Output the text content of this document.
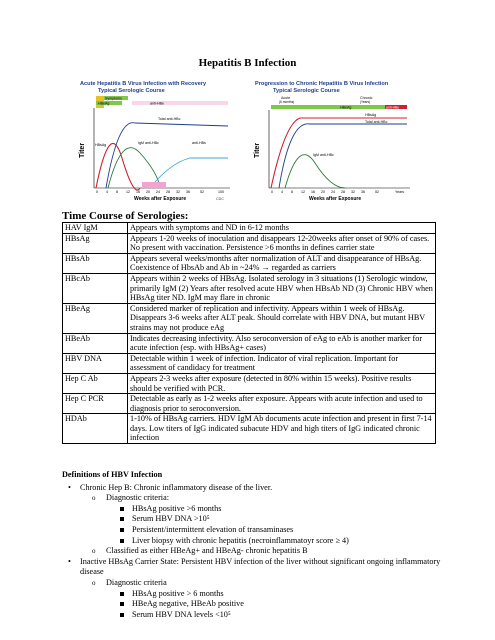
Hepatitis B Infection
Acute Hepatitis B Virus Infection with Recovery
Typical Serologic Course
Titer
Symptoms
HBeAg	anti-HBe
HBsAg	IgM anti-HBc
Total anti-HBc
anti-HBs
0 4 8 12 16 20 24 28 32 36	52	100
Weeks after Exposure	CDC
Progression to Chronic Hepatitis B Virus Infection
Typical Serologic Course
Titer
Acute
(6 months)
Chronic
(Years)
HBeAg	anti-HBe
HBsAg
Total anti-HBc
IgM anti-HBc
0 4 8 12 16 20 24 28 32 36	52	Years
Weeks after Exposure
Time Course of Serologies:
HAV IgM	Appears with symptoms and ND in 6-12 months
HBsAg	Appears 1-20 weeks of inoculation and disappears 12-20weeks after onset of 90% of cases. No present with vaccination. Persistence >6 months in defines carrier state
HBsAb	Appears several weeks/months after normalization of ALT and disappearance of HBsAg. Coexistence of HbsAb and Ab in ~24% → regarded as carriers
HBcAb	Appears within 2 weeks of HBsAg. Isolated serology in 3 situations (1) Serologic window, primarily IgM (2) Years after resolved acute HBV when HBsAb ND (3) Chronic HBV when HBsAg titer ND. IgM may flare in chronic
HBeAg	Considered marker of replication and infectivity. Appears within 1 week of HBsAg. Disappears 3-6 weeks after ALT peak. Should correlate with HBV DNA, but mutant HBV strains may not produce eAg
HBeAb	Indicates decreasing infectivity. Also seroconversion of eAg to eAb is another marker for acute infection (esp. with HBsAg+ cases)
HBV DNA	Detectable within 1 week of infection. Indicator of viral replication. Important for assessment of candidacy for treatment
Hep C Ab	Appears 2-3 weeks after exposure (detected in 80% within 15 weeks). Positive results should be verified with PCR.
Hep C PCR	Detectable as early as 1-2 weeks after exposure. Appears with acute infection and used to diagnosis prior to seroconversion.
HDAb	1-10% of HBsAg carriers. HDV IgM Ab documents acute infection and present in first 7-14 days. Low titers of IgG indicated subacute HDV and high titers of IgG indicated chronic infection
Definitions of HBV Infection
• Chronic Hep B: Chronic inflammatory disease of the liver.
o Diagnostic criteria:
HBsAg positive >6 months
Serum HBV DNA >10⁵
Persistent/intermittent elevation of transaminases
Liver biopsy with chronic hepatitis (necroinflammatoyr score ≥ 4)
o Classified as either HBeAg+ and HBeAg- chronic hepatitis B
• Inactive HBsAg Carrier State: Persistent HBV infection of the liver without significant ongoing inflammatory disease
o Diagnostic criteria
HBsAg positive > 6 months
HBeAg negative, HBeAb positive
Serum HBV DNA levels <10⁵
